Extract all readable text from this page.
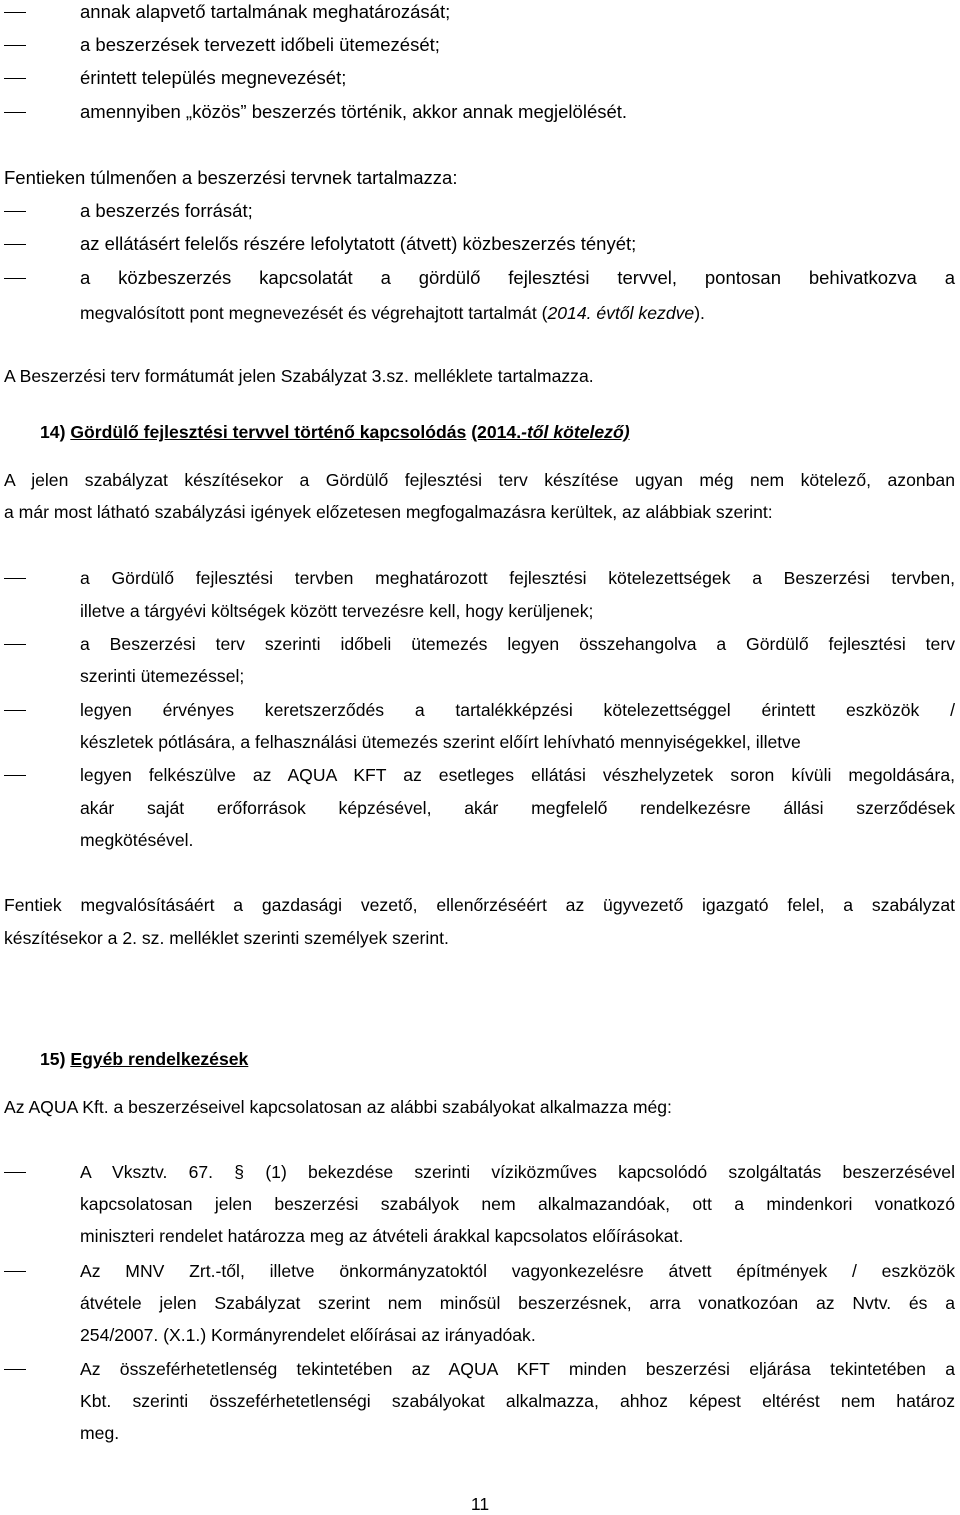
annak alapvető tartalmának meghatározását;
a beszerzések tervezett időbeli ütemezését;
érintett település megnevezését;
amennyiben „közös” beszerzés történik, akkor annak megjelölését.
Fentieken túlmenően a beszerzési tervnek tartalmazza:
a beszerzés forrását;
az ellátásért felelős részére lefolytatott (átvett) közbeszerzés tényét;
a közbeszerzés kapcsolatát a gördülő fejlesztési tervvel, pontosan behivatkozva a
megvalósított pont megnevezését és végrehajtott tartalmát (2014. évtől kezdve).
A Beszerzési terv formátumát jelen Szabályzat 3.sz. melléklete tartalmazza.
14) Gördülő fejlesztési tervvel történő kapcsolódás (2014.-től kötelező)
A jelen szabályzat készítésekor a Gördülő fejlesztési terv készítése ugyan még nem kötelező, azonban
a már most látható szabályzási igények előzetesen megfogalmazásra kerültek, az alábbiak szerint:
a Gördülő fejlesztési tervben meghatározott fejlesztési kötelezettségek a Beszerzési tervben,
illetve a tárgyévi költségek között tervezésre kell, hogy kerüljenek;
a Beszerzési terv szerinti időbeli ütemezés legyen összehangolva a Gördülő fejlesztési terv
szerinti ütemezéssel;
legyen érvényes keretszerződés a tartalékképzési kötelezettséggel érintett eszközök /
készletek pótlására, a felhasználási ütemezés szerint előírt lehívható mennyiségekkel, illetve
legyen felkészülve az AQUA KFT az esetleges ellátási vészhelyzetek soron kívüli megoldására,
akár saját erőforrások képzésével, akár megfelelő rendelkezésre állási szerződések
megkötésével.
Fentiek megvalósításáért a gazdasági vezető, ellenőrzéséért az ügyvezető igazgató felel, a szabályzat
készítésekor a 2. sz. melléklet szerinti személyek szerint.
15) Egyéb rendelkezések
Az AQUA Kft. a beszerzéseivel kapcsolatosan az alábbi szabályokat alkalmazza még:
A Vksztv. 67. § (1) bekezdése szerinti víziközműves kapcsolódó szolgáltatás beszerzésével
kapcsolatosan jelen beszerzési szabályok nem alkalmazandóak, ott a mindenkori vonatkozó
miniszteri rendelet határozza meg az átvételi árakkal kapcsolatos előírásokat.
Az MNV Zrt.-től, illetve önkormányzatoktól vagyonkezelésre átvett építmények / eszközök
átvétele jelen Szabályzat szerint nem minősül beszerzésnek, arra vonatkozóan az Nvtv. és a
254/2007. (X.1.) Kormányrendelet előírásai az irányadóak.
Az összeférhetetlenség tekintetében az AQUA KFT minden beszerzési eljárása tekintetében a
Kbt. szerinti összeférhetetlenségi szabályokat alkalmazza, ahhoz képest eltérést nem határoz
meg.
11
